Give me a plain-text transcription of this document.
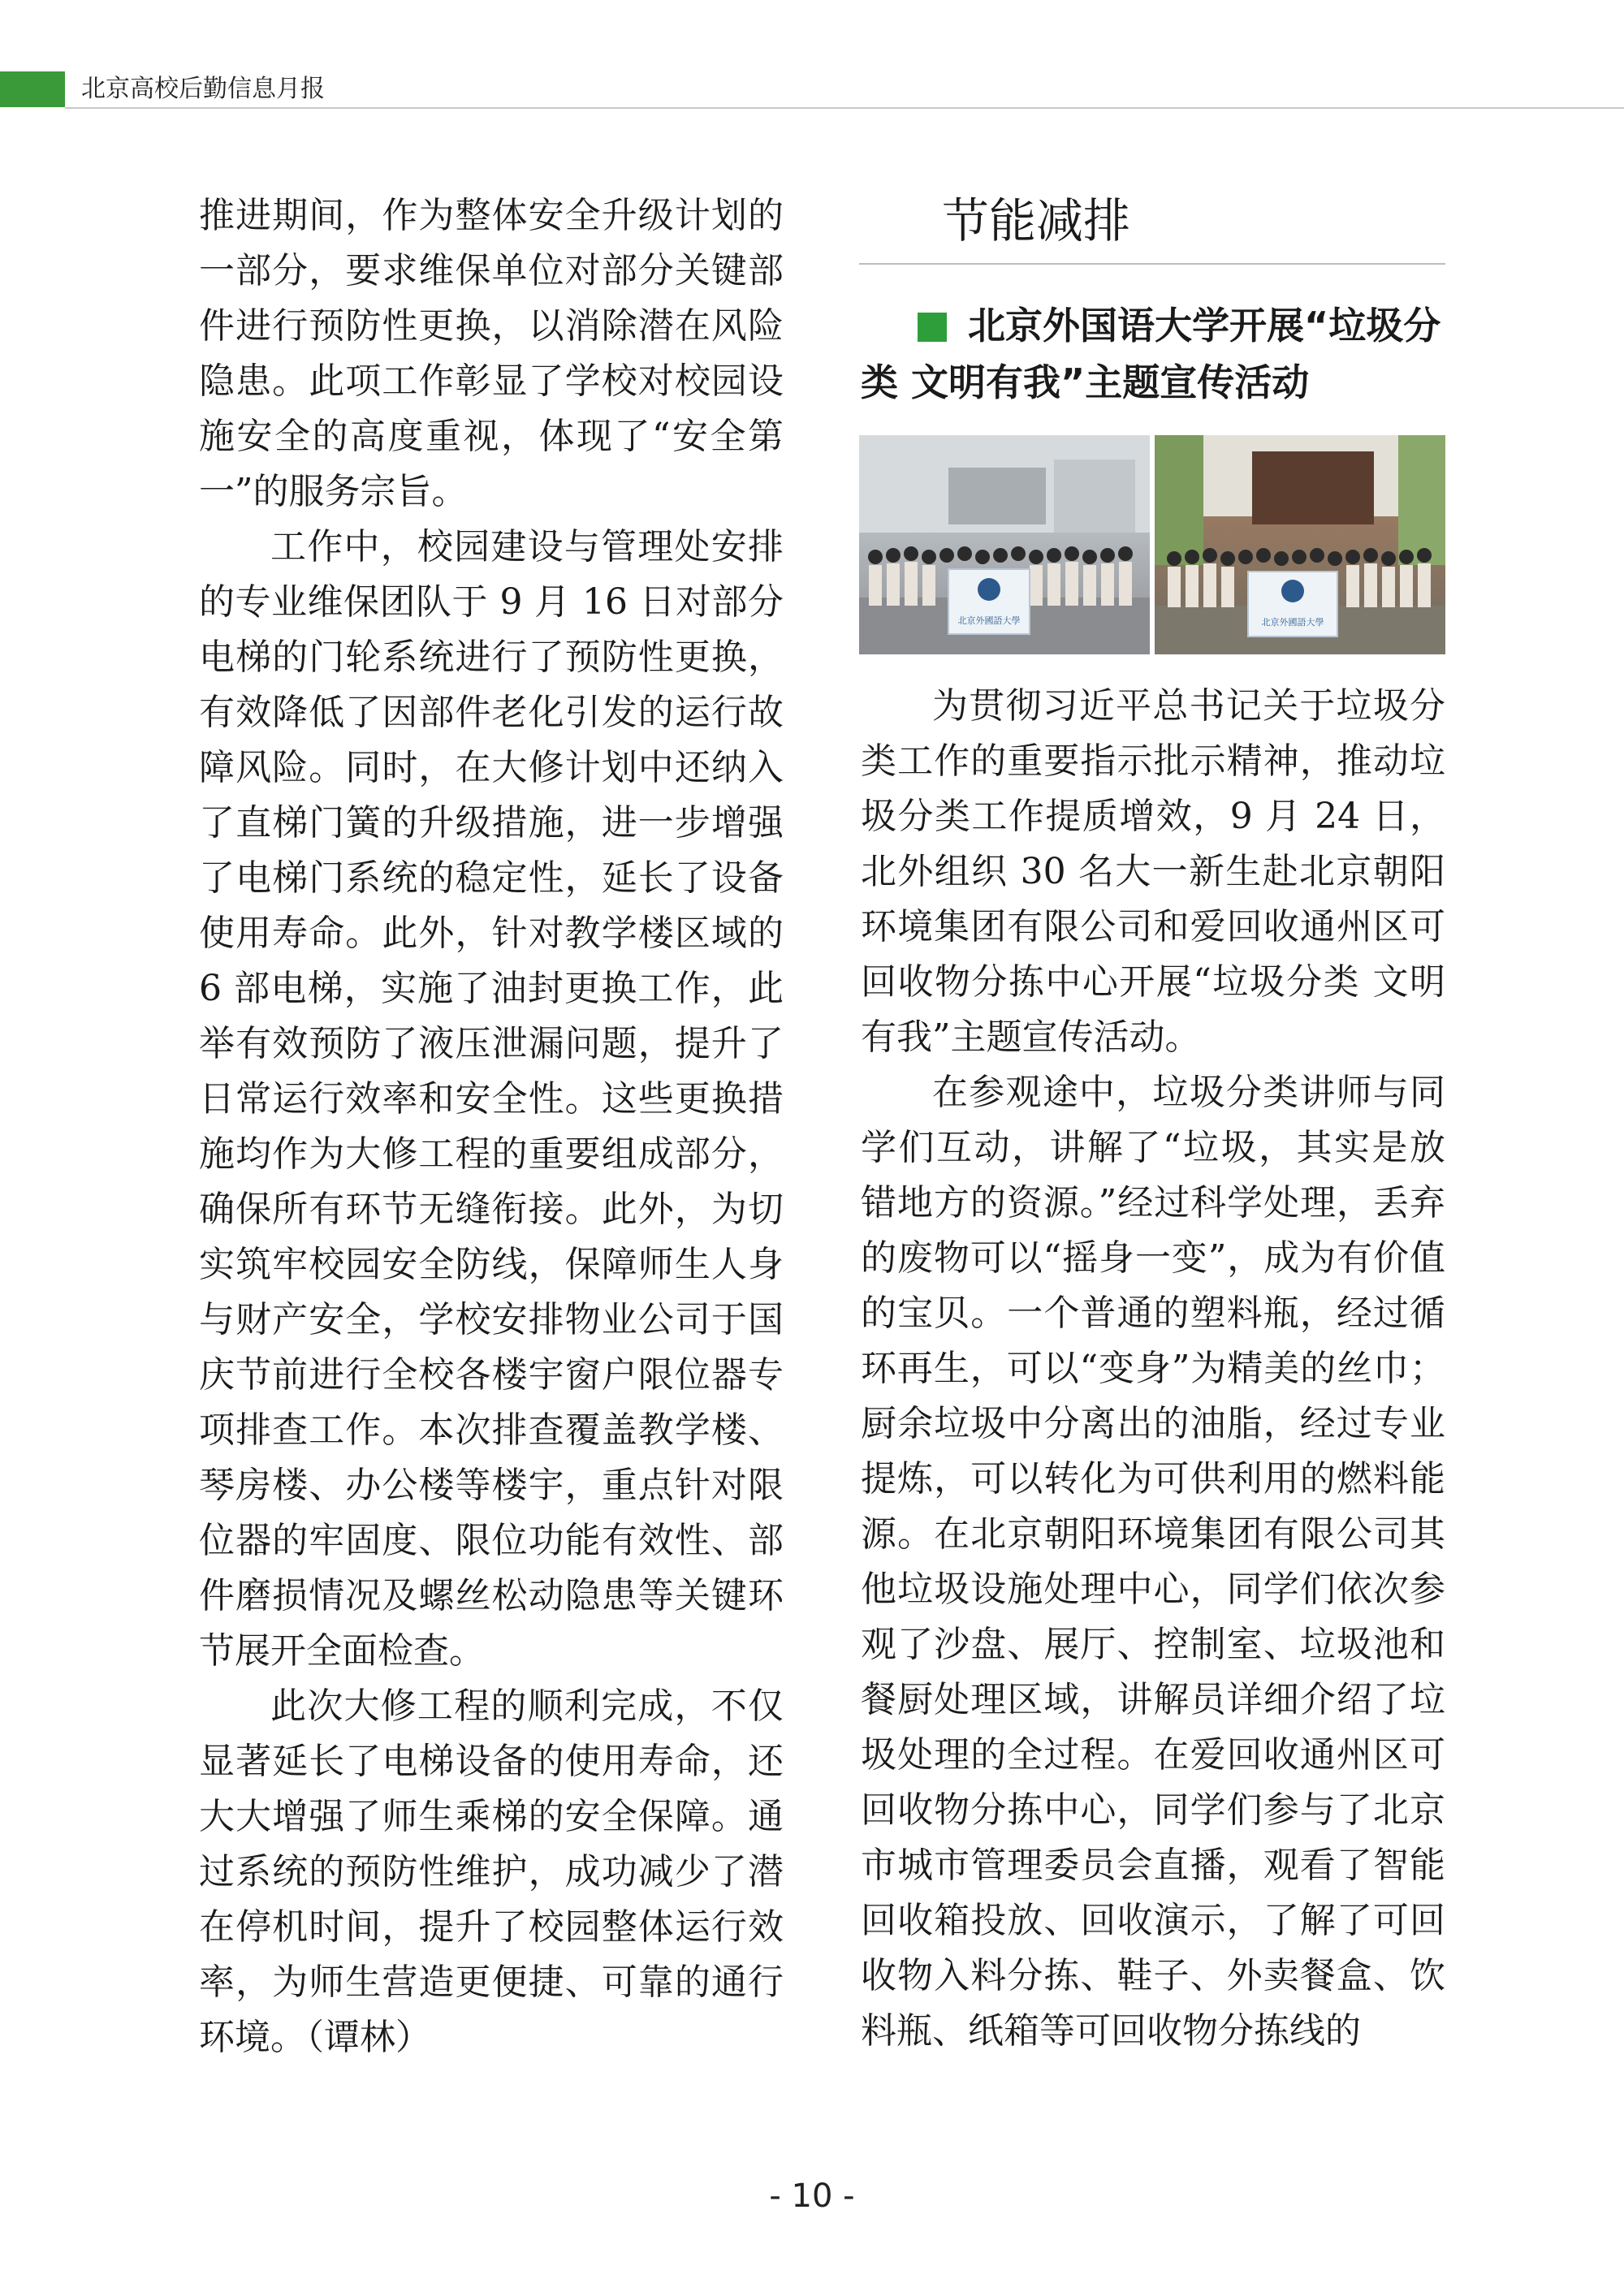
北京高校后勤信息月报

推进期间，作为整体安全升级计划的一部分，要求维保单位对部分关键部件进行预防性更换，以消除潜在风险隐患。此项工作彰显了学校对校园设施安全的高度重视，体现了“安全第一”的服务宗旨。

工作中，校园建设与管理处安排的专业维保团队于 9 月 16 日对部分电梯的门轮系统进行了预防性更换，有效降低了因部件老化引发的运行故障风险。同时，在大修计划中还纳入了直梯门簧的升级措施，进一步增强了电梯门系统的稳定性，延长了设备使用寿命。此外，针对教学楼区域的 6 部电梯，实施了油封更换工作，此举有效预防了液压泄漏问题，提升了日常运行效率和安全性。这些更换措施均作为大修工程的重要组成部分，确保所有环节无缝衔接。此外，为切实筑牢校园安全防线，保障师生人身与财产安全，学校安排物业公司于国庆节前进行全校各楼宇窗户限位器专项排查工作。本次排查覆盖教学楼、琴房楼、办公楼等楼宇，重点针对限位器的牢固度、限位功能有效性、部件磨损情况及螺丝松动隐患等关键环节展开全面检查。

此次大修工程的顺利完成，不仅显著延长了电梯设备的使用寿命，还大大增强了师生乘梯的安全保障。通过系统的预防性维护，成功减少了潜在停机时间，提升了校园整体运行效率，为师生营造更便捷、可靠的通行环境。（谭林）

节能减排
北京外国语大学开展“垃圾分类 文明有我”主题宣传活动
北京外國語大學	北京外國語大學

为贯彻习近平总书记关于垃圾分类工作的重要指示批示精神，推动垃圾分类工作提质增效，9 月 24 日，北外组织 30 名大一新生赴北京朝阳环境集团有限公司和爱回收通州区可回收物分拣中心开展“垃圾分类 文明有我”主题宣传活动。

在参观途中，垃圾分类讲师与同学们互动，讲解了“垃圾，其实是放错地方的资源。”经过科学处理，丢弃的废物可以“摇身一变”，成为有价值的宝贝。一个普通的塑料瓶，经过循环再生，可以“变身”为精美的丝巾；厨余垃圾中分离出的油脂，经过专业提炼，可以转化为可供利用的燃料能源。在北京朝阳环境集团有限公司其他垃圾设施处理中心，同学们依次参观了沙盘、展厅、控制室、垃圾池和餐厨处理区域，讲解员详细介绍了垃圾处理的全过程。在爱回收通州区可回收物分拣中心，同学们参与了北京市城市管理委员会直播，观看了智能回收箱投放、回收演示，了解了可回收物入料分拣、鞋子、外卖餐盒、饮料瓶、纸箱等可回收物分拣线的

- 10 -
